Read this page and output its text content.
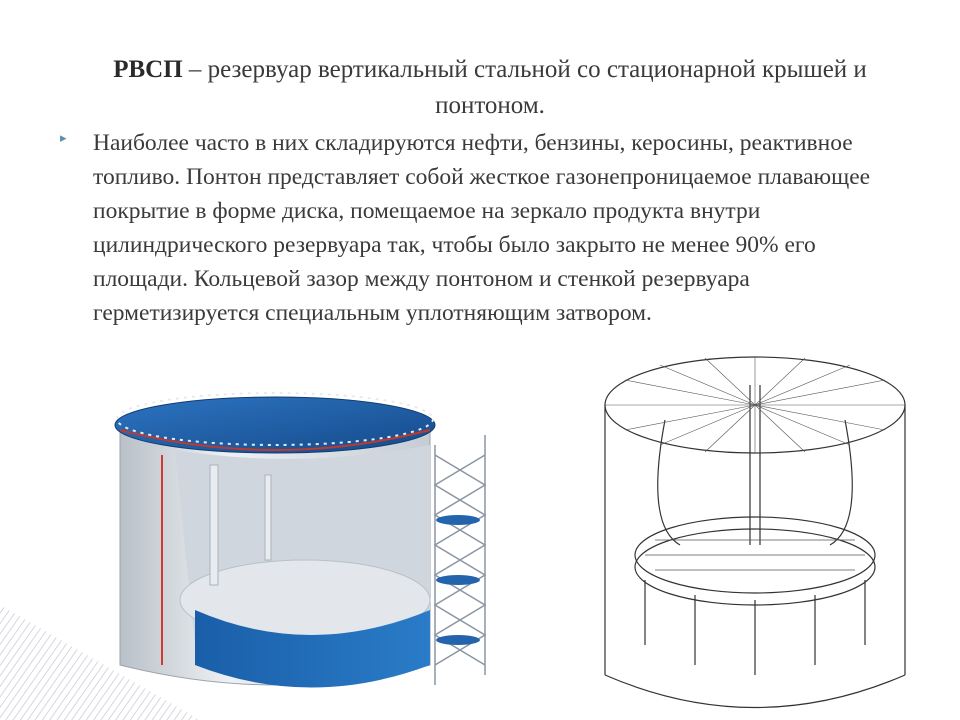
РВСП – резервуар вертикальный стальной со стационарной крышей и понтоном.
▸	Наиболее часто в них складируются нефти, бензины, керосины, реактивное топливо. Понтон представляет собой жесткое газонепроницаемое плавающее покрытие в форме диска, помещаемое на зеркало продукта внутри цилиндрического резервуара так, чтобы было закрыто не менее 90% его площади. Кольцевой зазор между понтоном и стенкой резервуара герметизируется специальным уплотняющим затвором.
